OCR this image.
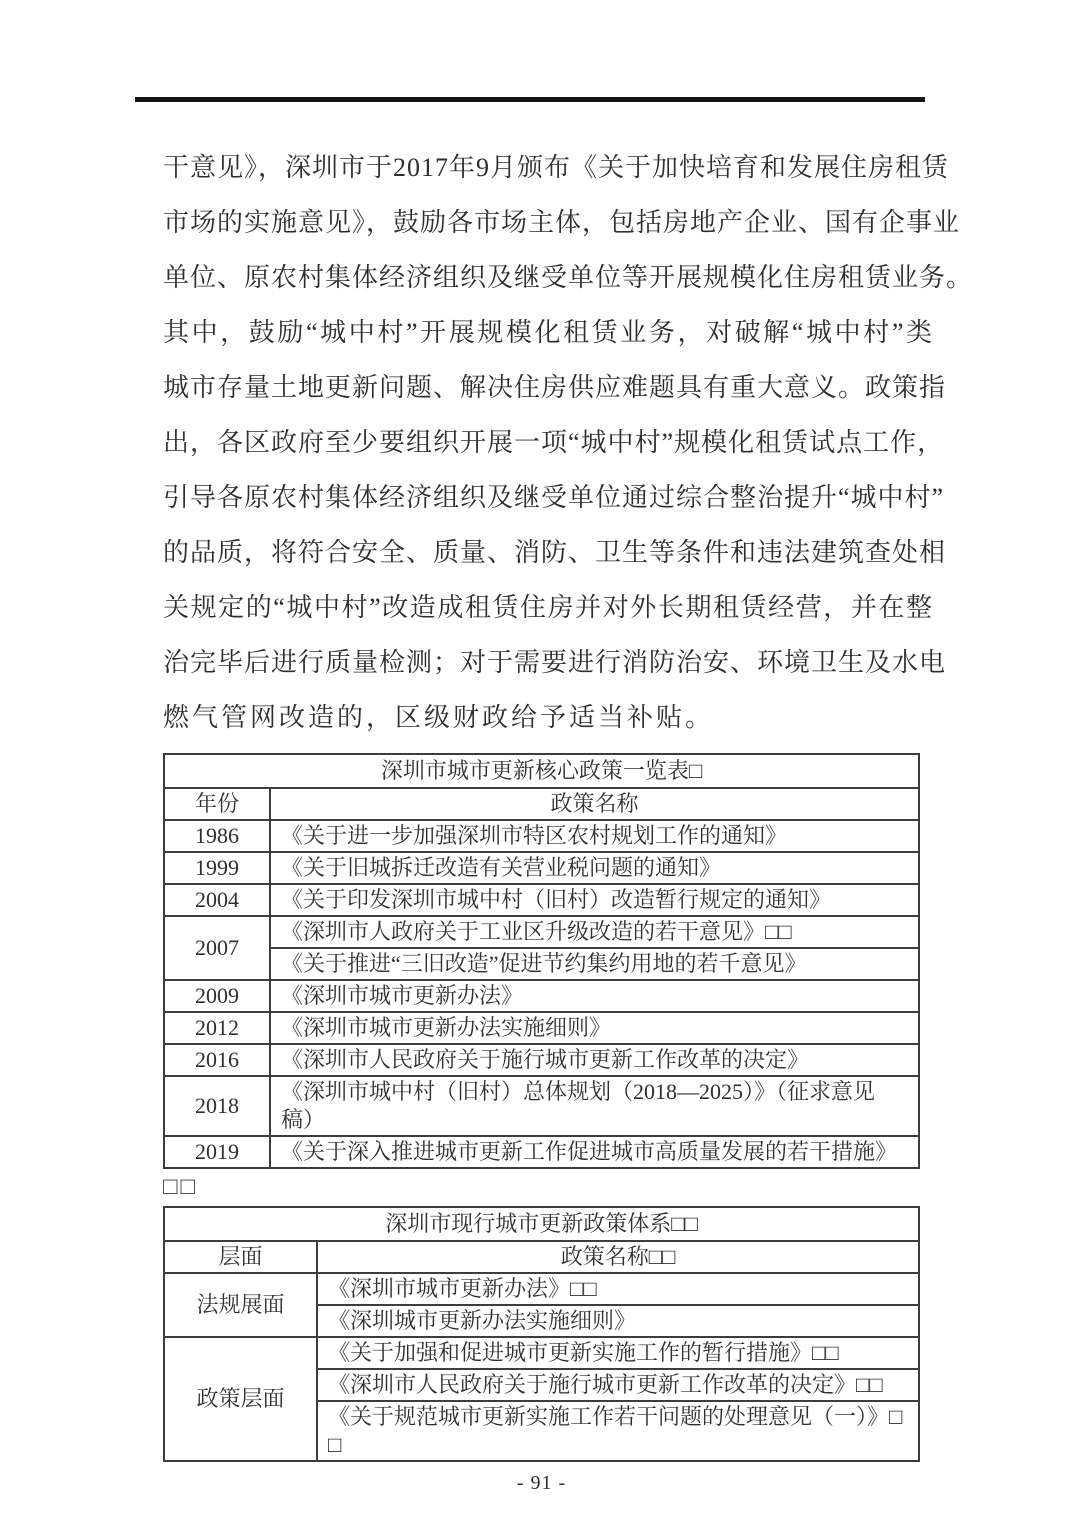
干意见》，深圳市于2017年9月颁布《关于加快培育和发展住房租赁
市场的实施意见》，鼓励各市场主体，包括房地产企业、国有企事业
单位、原农村集体经济组织及继受单位等开展规模化住房租赁业务。
其中，鼓励“城中村”开展规模化租赁业务，对破解“城中村”类
城市存量土地更新问题、解决住房供应难题具有重大意义。政策指
出，各区政府至少要组织开展一项“城中村”规模化租赁试点工作，
引导各原农村集体经济组织及继受单位通过综合整治提升“城中村”
的品质，将符合安全、质量、消防、卫生等条件和违法建筑查处相
关规定的“城中村”改造成租赁住房并对外长期租赁经营，并在整
治完毕后进行质量检测；对于需要进行消防治安、环境卫生及水电
燃气管网改造的，区级财政给予适当补贴。
深圳市城市更新核心政策一览表□	
年份	政策名称
1986	《关于进一步加强深圳市特区农村规划工作的通知》
1999	《关于旧城拆迁改造有关营业税问题的通知》
2004	《关于印发深圳市城中村（旧村）改造暂行规定的通知》
2007	《深圳市人政府关于工业区升级改造的若干意见》□□
	《关于推进“三旧改造”促进节约集约用地的若千意见》
2009	《深圳市城市更新办法》
2012	《深圳市城市更新办法实施细则》
2016	《深圳市人民政府关于施行城市更新工作改革的决定》
2018	《深圳市城中村（旧村）总体规划（2018—2025）》（征求意见稿）
2019	《关于深入推进城市更新工作促进城市高质量发展的若干措施》
□□
深圳市现行城市更新政策体系□□	
层面	政策名称□□
法规展面	《深圳市城市更新办法》□□
	《深圳城市更新办法实施细则》
政策层面	《关于加强和促进城市更新实施工作的暂行措施》□□
	《深圳市人民政府关于施行城市更新工作改革的决定》□□
	《关于规范城市更新实施工作若干问题的处理意见（一）》□□
- 91 -
